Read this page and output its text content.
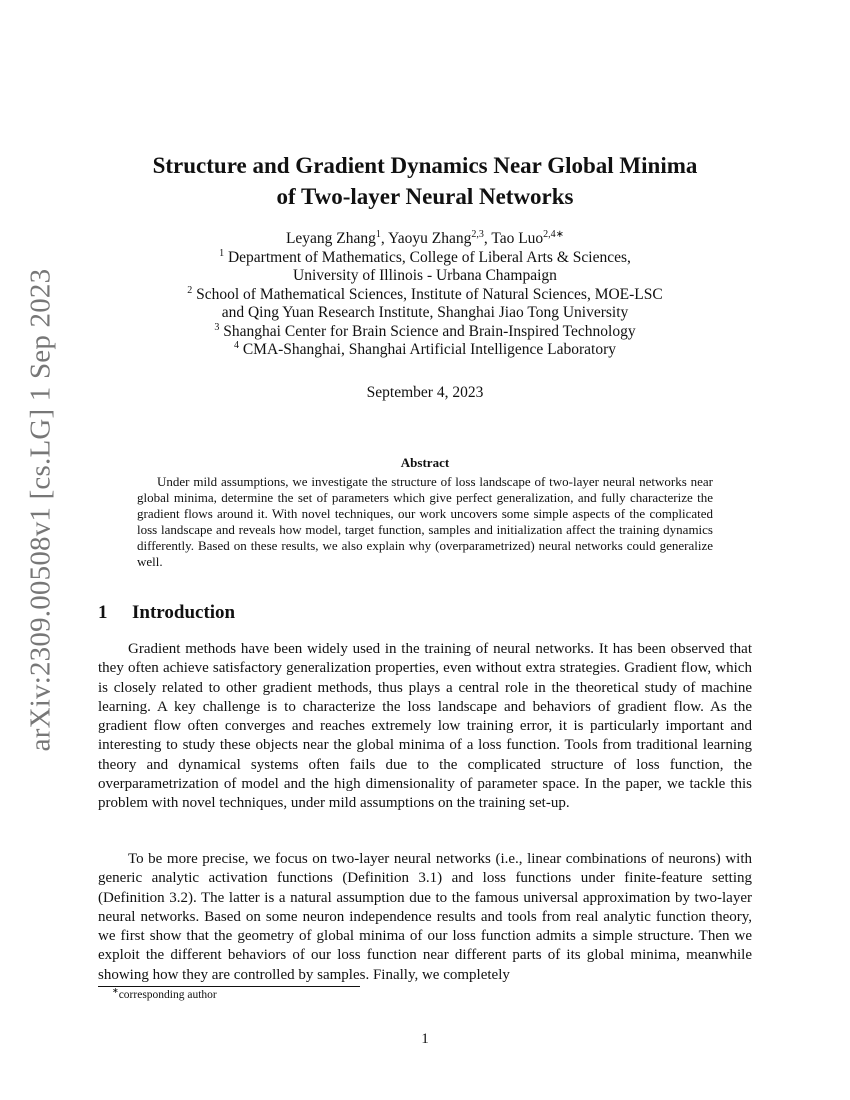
arXiv:2309.00508v1 [cs.LG] 1 Sep 2023
Structure and Gradient Dynamics Near Global Minima
of Two-layer Neural Networks
Leyang Zhang$^1$, Yaoyu Zhang$^{2,3}$, Tao Luo$^{2,4∗}$
$^1$ Department of Mathematics, College of Liberal Arts & Sciences,
University of Illinois - Urbana Champaign
$^2$ School of Mathematical Sciences, Institute of Natural Sciences, MOE-LSC
and Qing Yuan Research Institute, Shanghai Jiao Tong University
$^3$ Shanghai Center for Brain Science and Brain-Inspired Technology
$^4$ CMA-Shanghai, Shanghai Artificial Intelligence Laboratory
September 4, 2023
Abstract

Under mild assumptions, we investigate the structure of loss landscape of two-layer neural networks near global minima, determine the set of parameters which give perfect generalization, and fully characterize the gradient flows around it. With novel techniques, our work uncovers some simple aspects of the complicated loss landscape and reveals how model, target function, samples and initialization affect the training dynamics differently. Based on these results, we also explain why (overparametrized) neural networks could generalize well.

1 Introduction

Gradient methods have been widely used in the training of neural networks. It has been observed that they often achieve satisfactory generalization properties, even without extra strategies. Gradient flow, which is closely related to other gradient methods, thus plays a central role in the theoretical study of machine learning. A key challenge is to characterize the loss landscape and behaviors of gradient flow. As the gradient flow often converges and reaches extremely low training error, it is particularly important and interesting to study these objects near the global minima of a loss function. Tools from traditional learning theory and dynamical systems often fails due to the complicated structure of loss function, the overparametrization of model and the high dimensionality of parameter space. In the paper, we tackle this problem with novel techniques, under mild assumptions on the training set-up.

To be more precise, we focus on two-layer neural networks (i.e., linear combinations of neurons) with generic analytic activation functions (Definition 3.1) and loss functions under finite-feature setting (Definition 3.2). The latter is a natural assumption due to the famous universal approximation by two-layer neural networks. Based on some neuron independence results and tools from real analytic function theory, we first show that the geometry of global minima of our loss function admits a simple structure. Then we exploit the different behaviors of our loss function near different parts of its global minima, meanwhile showing how they are controlled by samples. Finally, we completely

∗corresponding author
1
